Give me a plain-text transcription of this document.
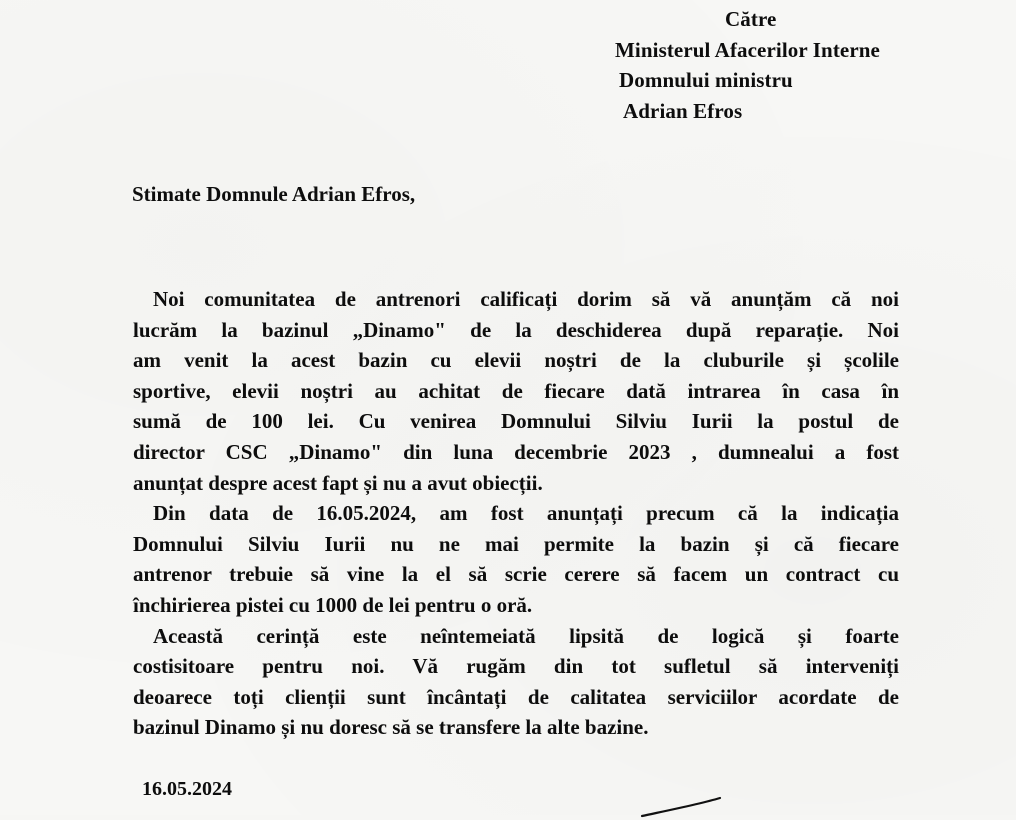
Către
Ministerul Afacerilor Interne
Domnului ministru
Adrian Efros
Stimate Domnule Adrian Efros,
Noi comunitatea de antrenori calificați dorim să vă anunțăm că noi
lucrăm la bazinul „Dinamo" de la deschiderea după reparație. Noi
am venit la acest bazin cu elevii noștri de la cluburile și școlile
sportive, elevii noștri au achitat de fiecare dată intrarea în casa în
sumă de 100 lei. Cu venirea Domnului Silviu Iurii la postul de
director CSC „Dinamo" din luna decembrie 2023 , dumnealui a fost
anunțat despre acest fapt și nu a avut obiecții.
Din data de 16.05.2024, am fost anunțați precum că la indicația
Domnului Silviu Iurii nu ne mai permite la bazin și că fiecare
antrenor trebuie să vine la el să scrie cerere să facem un contract cu
închirierea pistei cu 1000 de lei pentru o oră.
Această cerință este neîntemeiată lipsită de logică și foarte
costisitoare pentru noi. Vă rugăm din tot sufletul să interveniți
deoarece toți clienții sunt încântați de calitatea serviciilor acordate de
bazinul Dinamo și nu doresc să se transfere la alte bazine.
16.05.2024
